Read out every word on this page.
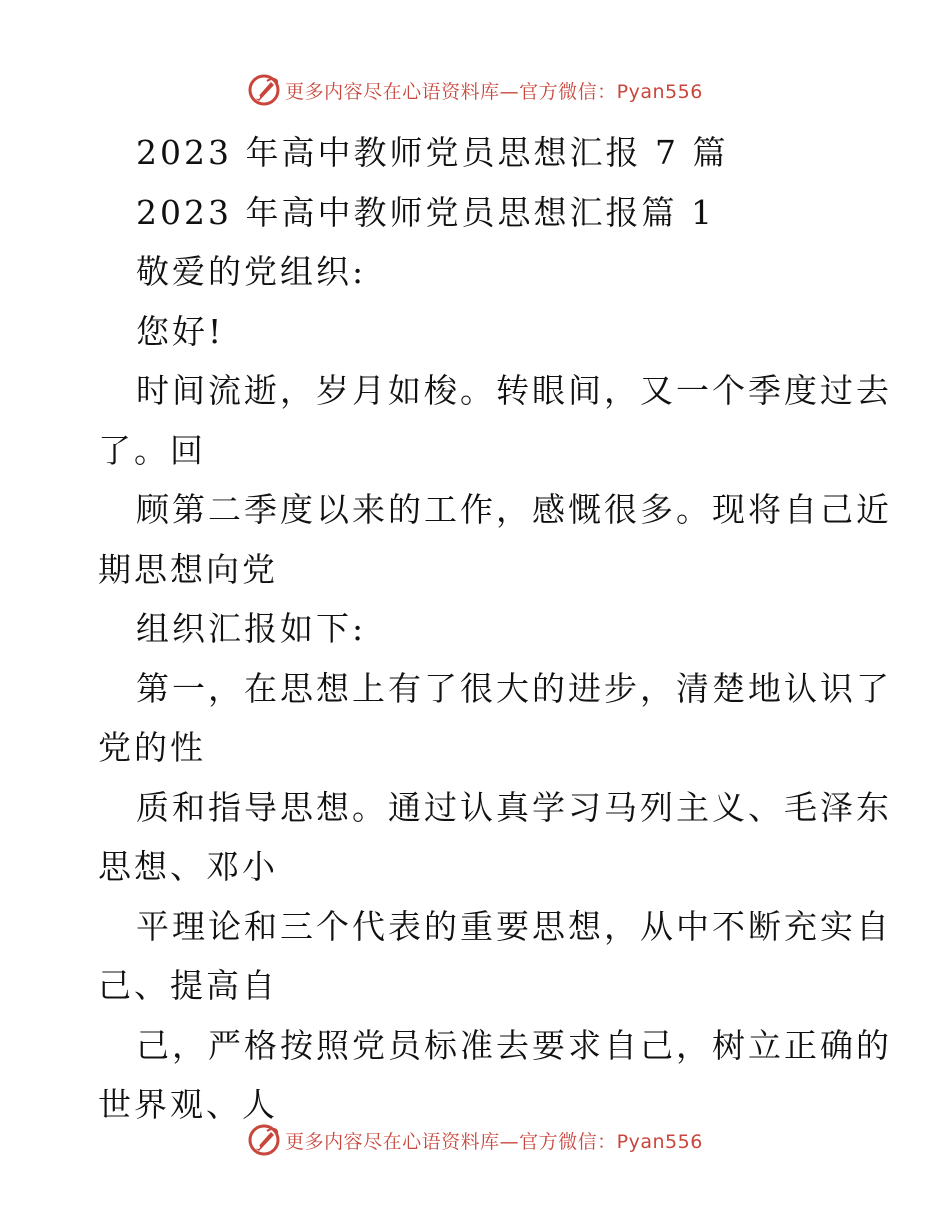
更多内容尽在心语资料库—官方微信：Pyan556
2023 年高中教师党员思想汇报 7 篇
2023 年高中教师党员思想汇报篇 1
敬爱的党组织:
您好!
时间流逝，岁月如梭。转眼间，又一个季度过去
了。回
顾第二季度以来的工作，感慨很多。现将自己近
期思想向党
组织汇报如下:
第一，在思想上有了很大的进步，清楚地认识了
党的性
质和指导思想。通过认真学习马列主义、毛泽东
思想、邓小
平理论和三个代表的重要思想，从中不断充实自
己、提高自
己，严格按照党员标准去要求自己，树立正确的
世界观、人
更多内容尽在心语资料库—官方微信：Pyan556
